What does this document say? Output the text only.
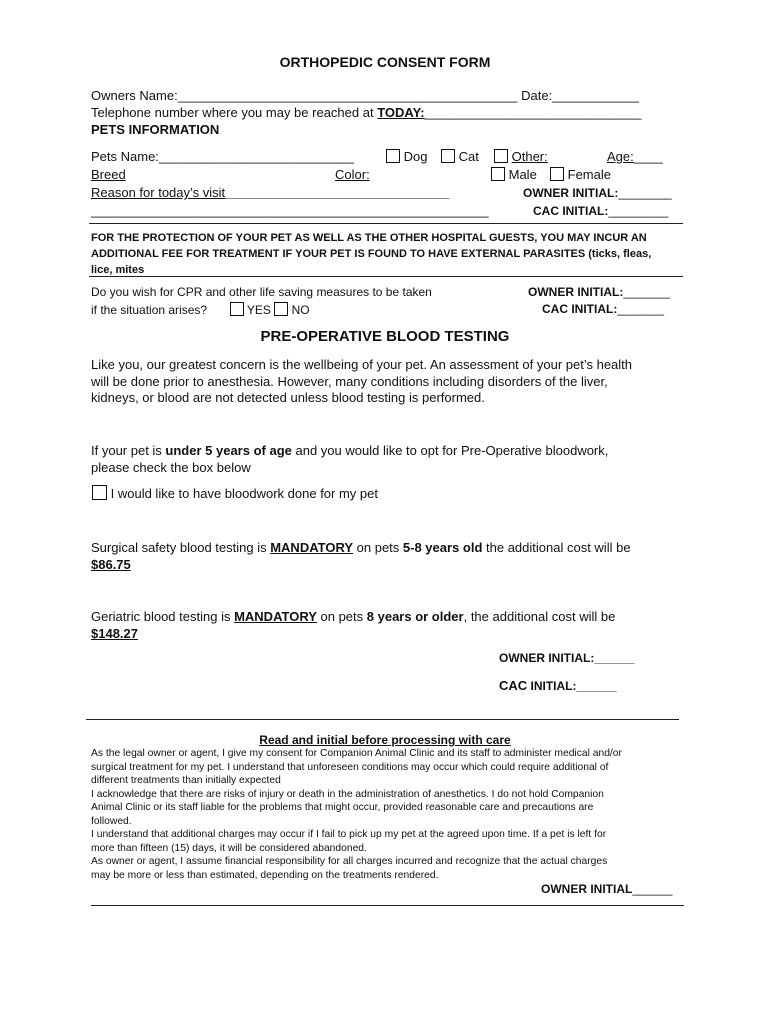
ORTHOPEDIC CONSENT FORM
Owners Name:_______________________________________________ Date:____________
Telephone number where you may be reached at TODAY:______________________________
PETS INFORMATION
Pets Name:___________________________	Dog	Cat	Other:	Age:____
Breed	Color:	Male	Female
Reason for today’s visit_______________________________	OWNER INITIAL:________
_______________________________________________________	CAC INITIAL:_________
FOR THE PROTECTION OF YOUR PET AS WELL AS THE OTHER HOSPITAL GUESTS, YOU MAY INCUR AN
ADDITIONAL FEE FOR TREATMENT IF YOUR PET IS FOUND TO HAVE EXTERNAL PARASITES (ticks, fleas,
lice, mites
Do you wish for CPR and other life saving measures to be taken
if the situation arises?	YES NO
OWNER INITIAL:_______
CAC INITIAL:_______
PRE-OPERATIVE BLOOD TESTING
Like you, our greatest concern is the wellbeing of your pet. An assessment of your pet’s health
will be done prior to anesthesia. However, many conditions including disorders of the liver,
kidneys, or blood are not detected unless blood testing is performed.
If your pet is under 5 years of age and you would like to opt for Pre-Operative bloodwork,
please check the box below
I would like to have bloodwork done for my pet
Surgical safety blood testing is MANDATORY on pets 5-8 years old the additional cost will be
$86.75
Geriatric blood testing is MANDATORY on pets 8 years or older, the additional cost will be
$148.27
OWNER INITIAL:______
CAC INITIAL:______
Read and initial before processing with care
As the legal owner or agent, I give my consent for Companion Animal Clinic and its staff to administer medical and/or
surgical treatment for my pet. I understand that unforeseen conditions may occur which could require additional of
different treatments than initially expected
I acknowledge that there are risks of injury or death in the administration of anesthetics. I do not hold Companion
Animal Clinic or its staff liable for the problems that might occur, provided reasonable care and precautions are
followed.
I understand that additional charges may occur if I fail to pick up my pet at the agreed upon time. If a pet is left for
more than fifteen (15) days, it will be considered abandoned.
As owner or agent, I assume financial responsibility for all charges incurred and recognize that the actual charges
may be more or less than estimated, depending on the treatments rendered.
OWNER INITIAL______
